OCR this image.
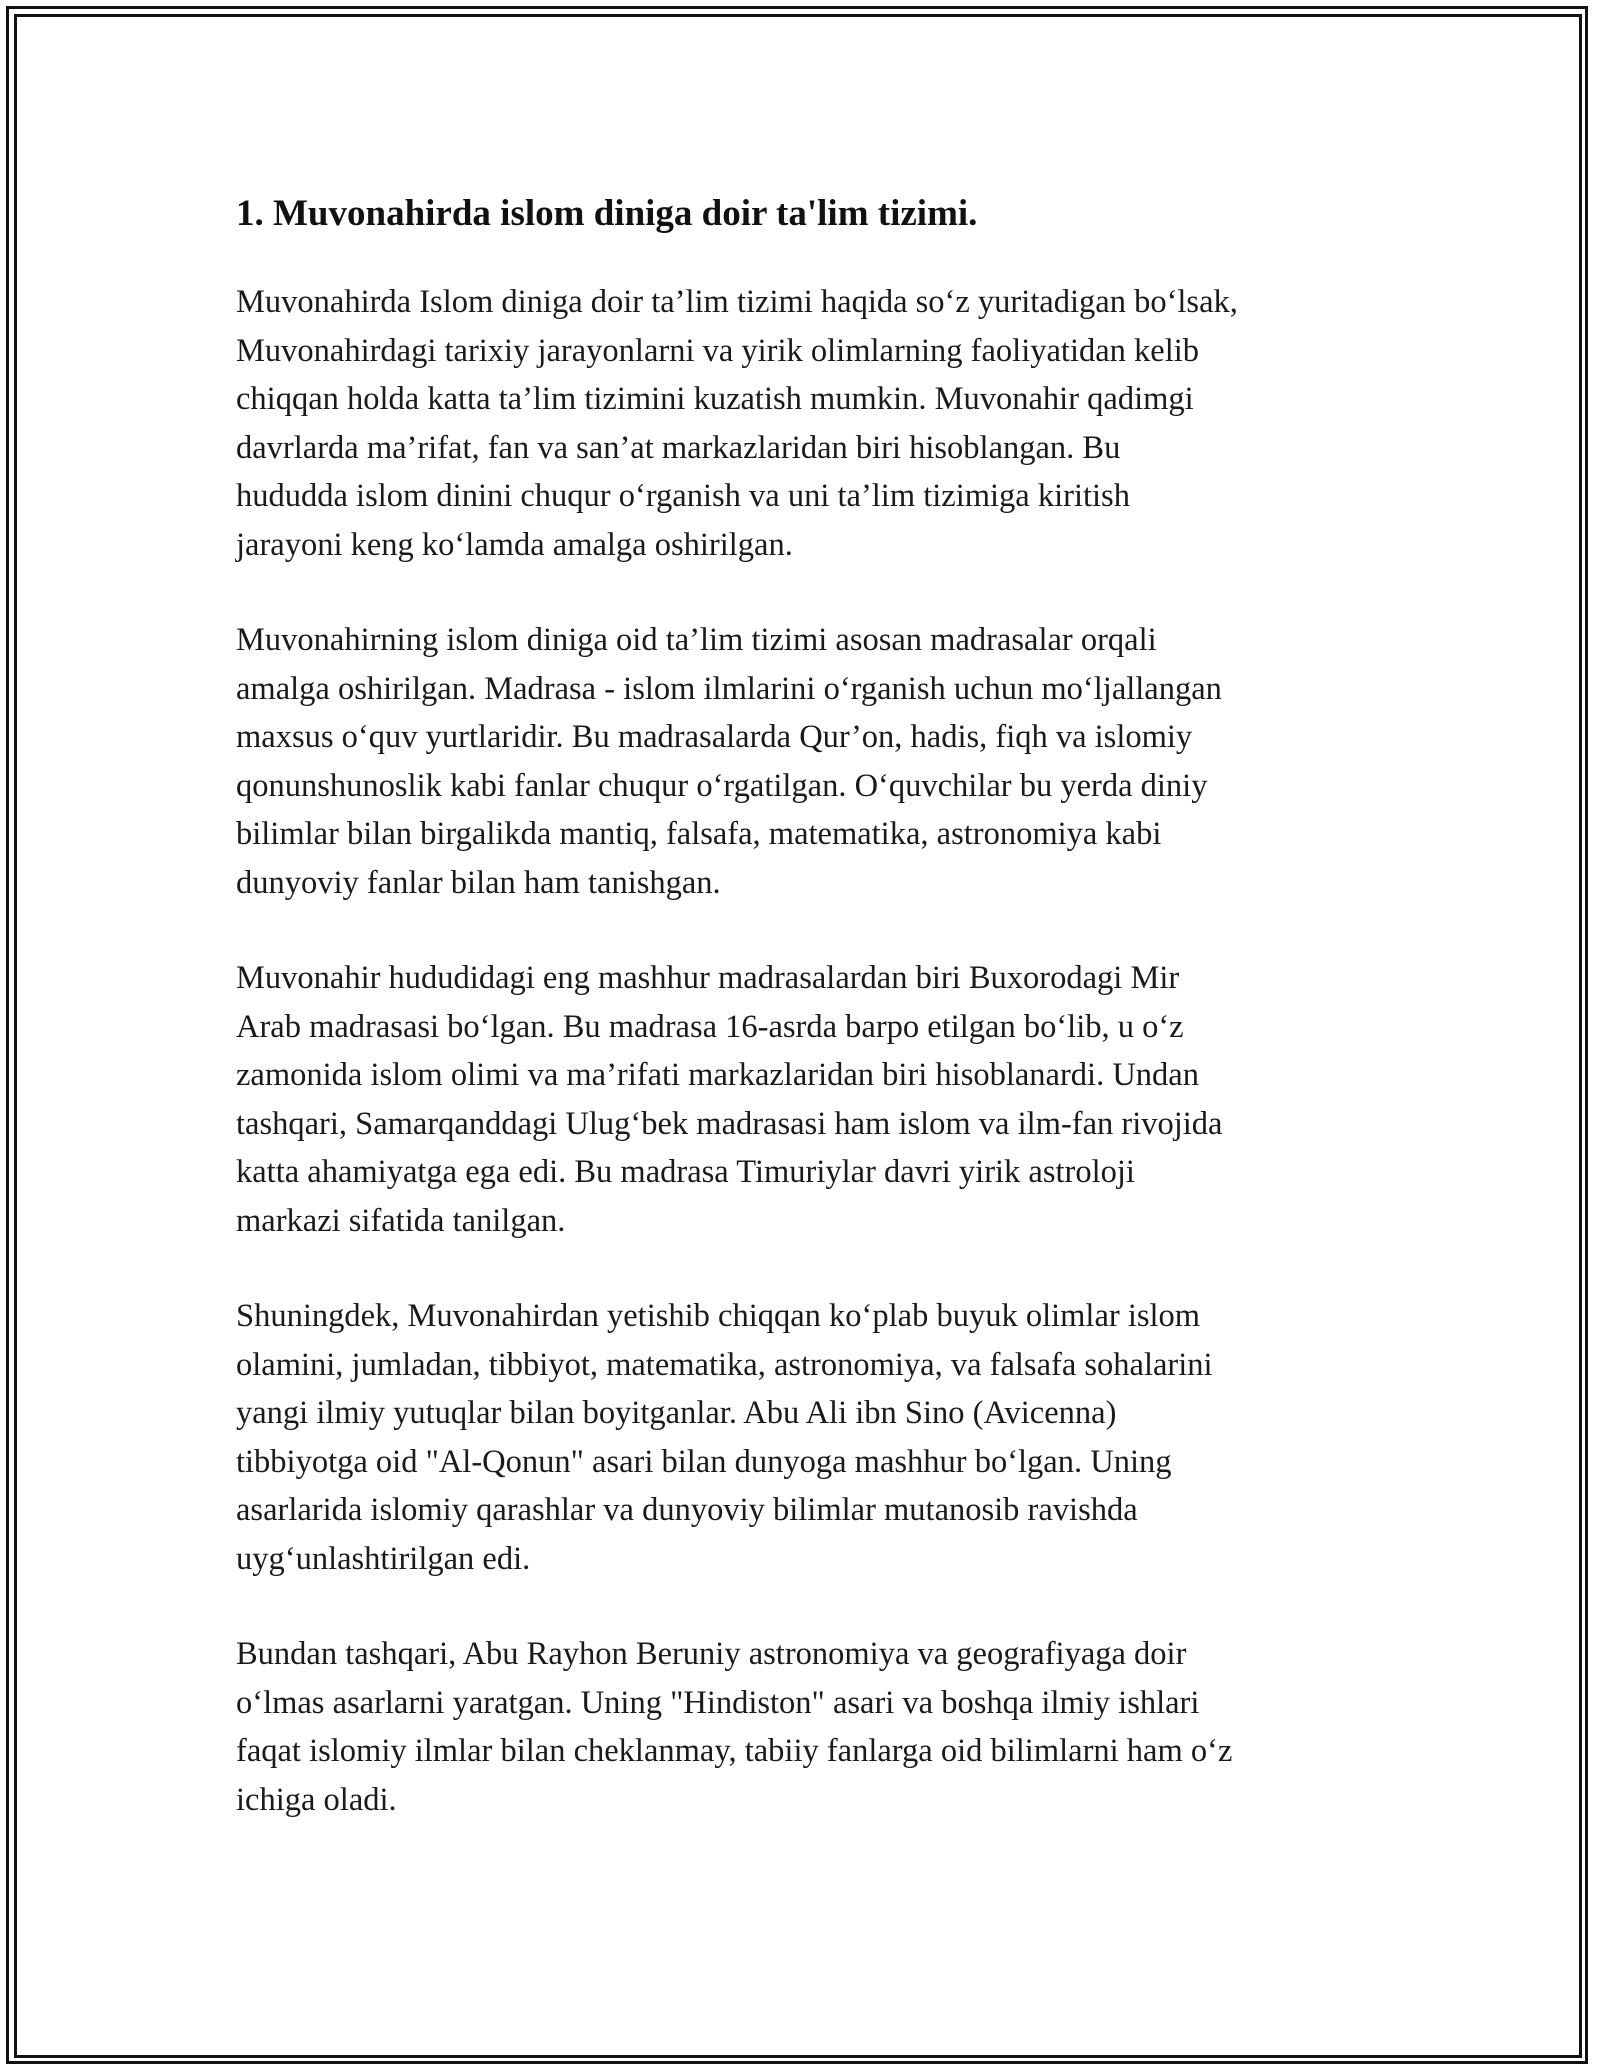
1. Muvonahirda islom diniga doir ta'lim tizimi.

Muvonahirda Islom diniga doir ta’lim tizimi haqida so‘z yuritadigan bo‘lsak,
Muvonahirdagi tarixiy jarayonlarni va yirik olimlarning faoliyatidan kelib
chiqqan holda katta ta’lim tizimini kuzatish mumkin. Muvonahir qadimgi
davrlarda ma’rifat, fan va san’at markazlaridan biri hisoblangan. Bu
hududda islom dinini chuqur o‘rganish va uni ta’lim tizimiga kiritish
jarayoni keng ko‘lamda amalga oshirilgan.

Muvonahirning islom diniga oid ta’lim tizimi asosan madrasalar orqali
amalga oshirilgan. Madrasa - islom ilmlarini o‘rganish uchun mo‘ljallangan
maxsus o‘quv yurtlaridir. Bu madrasalarda Qur’on, hadis, fiqh va islomiy
qonunshunoslik kabi fanlar chuqur o‘rgatilgan. O‘quvchilar bu yerda diniy
bilimlar bilan birgalikda mantiq, falsafa, matematika, astronomiya kabi
dunyoviy fanlar bilan ham tanishgan.

Muvonahir hududidagi eng mashhur madrasalardan biri Buxorodagi Mir
Arab madrasasi bo‘lgan. Bu madrasa 16-asrda barpo etilgan bo‘lib, u o‘z
zamonida islom olimi va ma’rifati markazlaridan biri hisoblanardi. Undan
tashqari, Samarqanddagi Ulug‘bek madrasasi ham islom va ilm-fan rivojida
katta ahamiyatga ega edi. Bu madrasa Timuriylar davri yirik astroloji
markazi sifatida tanilgan.

Shuningdek, Muvonahirdan yetishib chiqqan ko‘plab buyuk olimlar islom
olamini, jumladan, tibbiyot, matematika, astronomiya, va falsafa sohalarini
yangi ilmiy yutuqlar bilan boyitganlar. Abu Ali ibn Sino (Avicenna)
tibbiyotga oid "Al-Qonun" asari bilan dunyoga mashhur bo‘lgan. Uning
asarlarida islomiy qarashlar va dunyoviy bilimlar mutanosib ravishda
uyg‘unlashtirilgan edi.

Bundan tashqari, Abu Rayhon Beruniy astronomiya va geografiyaga doir
o‘lmas asarlarni yaratgan. Uning "Hindiston" asari va boshqa ilmiy ishlari
faqat islomiy ilmlar bilan cheklanmay, tabiiy fanlarga oid bilimlarni ham o‘z
ichiga oladi.
